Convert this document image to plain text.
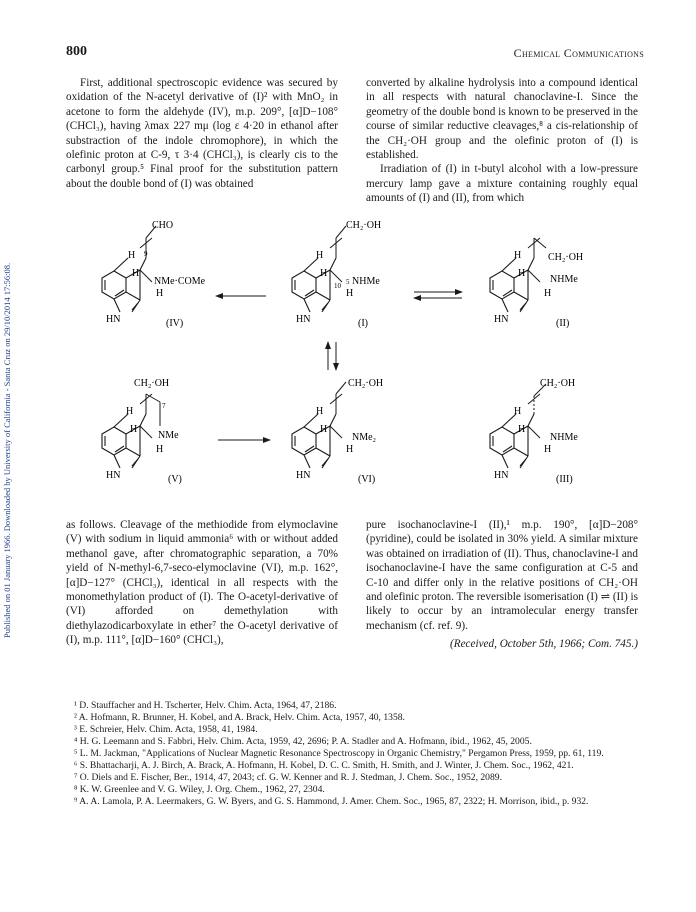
800	Chemical Communications
Published on 01 January 1966. Downloaded by University of California - Santa Cruz on 29/10/2014 17:56:08.

First, additional spectroscopic evidence was secured by oxidation of the N-acetyl derivative of (I)² with MnO₂ in acetone to form the aldehyde (IV), m.p. 209°, [α]D−108° (CHCl₃), having λmax 227 mμ (log ε 4·20 in ethanol after substraction of the indole chromophore), in which the olefinic proton at C-9, τ 3·4 (CHCl₃), is clearly cis to the carbonyl group.⁵ Final proof for the substitution pattern about the double bond of (I) was obtained

converted by alkaline hydrolysis into a compound identical in all respects with natural chanoclavine-I. Since the geometry of the double bond is known to be preserved in the course of similar reductive cleavages,⁸ a cis-relationship of the CH₂·OH group and the olefinic proton of (I) is established.

Irradiation of (I) in t-butyl alcohol with a low-pressure mercury lamp gave a mixture containing roughly equal amounts of (I) and (II), from which

CHO
H
H
9
NMe·COMe
H
HN	(IV)
CH₂·OH
H
H
10 5 NHMe
H
HN	(I)
CH₂·OH
H
H
NHMe
H
HN	(II)
CH₂·OH
H
H
7
NMe
H
HN	(V)
CH₂·OH
H
H
NMe₂
H
HN	(VI)
CH₂·OH
H
H
NHMe
H
HN	(III)

as follows. Cleavage of the methiodide from elymoclavine (V) with sodium in liquid ammonia⁶ with or without added methanol gave, after chromatographic separation, a 70% yield of N-methyl-6,7-seco-elymoclavine (VI), m.p. 162°, [α]D−127° (CHCl₃), identical in all respects with the monomethylation product of (I). The O-acetyl-derivative of (VI) afforded on demethylation with diethylazodicarboxylate in ether⁷ the O-acetyl derivative of (I), m.p. 111°, [α]D−160° (CHCl₃),

pure isochanoclavine-I (II),¹ m.p. 190°, [α]D−208° (pyridine), could be isolated in 30% yield. A similar mixture was obtained on irradiation of (II). Thus, chanoclavine-I and isochanoclavine-I have the same configuration at C-5 and C-10 and differ only in the relative positions of CH₂·OH and olefinic proton. The reversible isomerisation (I) ⇌ (II) is likely to occur by an intramolecular energy transfer mechanism (cf. ref. 9).

(Received, October 5th, 1966; Com. 745.)

¹ D. Stauffacher and H. Tscherter, Helv. Chim. Acta, 1964, 47, 2186.

² A. Hofmann, R. Brunner, H. Kobel, and A. Brack, Helv. Chim. Acta, 1957, 40, 1358.

³ E. Schreier, Helv. Chim. Acta, 1958, 41, 1984.

⁴ H. G. Leemann and S. Fabbri, Helv. Chim. Acta, 1959, 42, 2696; P. A. Stadler and A. Hofmann, ibid., 1962, 45, 2005.

⁵ L. M. Jackman, "Applications of Nuclear Magnetic Resonance Spectroscopy in Organic Chemistry," Pergamon Press, 1959, pp. 61, 119.

⁶ S. Bhattacharji, A. J. Birch, A. Brack, A. Hofmann, H. Kobel, D. C. C. Smith, H. Smith, and J. Winter, J. Chem. Soc., 1962, 421.

⁷ O. Diels and E. Fischer, Ber., 1914, 47, 2043; cf. G. W. Kenner and R. J. Stedman, J. Chem. Soc., 1952, 2089.

⁸ K. W. Greenlee and V. G. Wiley, J. Org. Chem., 1962, 27, 2304.

⁹ A. A. Lamola, P. A. Leermakers, G. W. Byers, and G. S. Hammond, J. Amer. Chem. Soc., 1965, 87, 2322; H. Morrison, ibid., p. 932.
